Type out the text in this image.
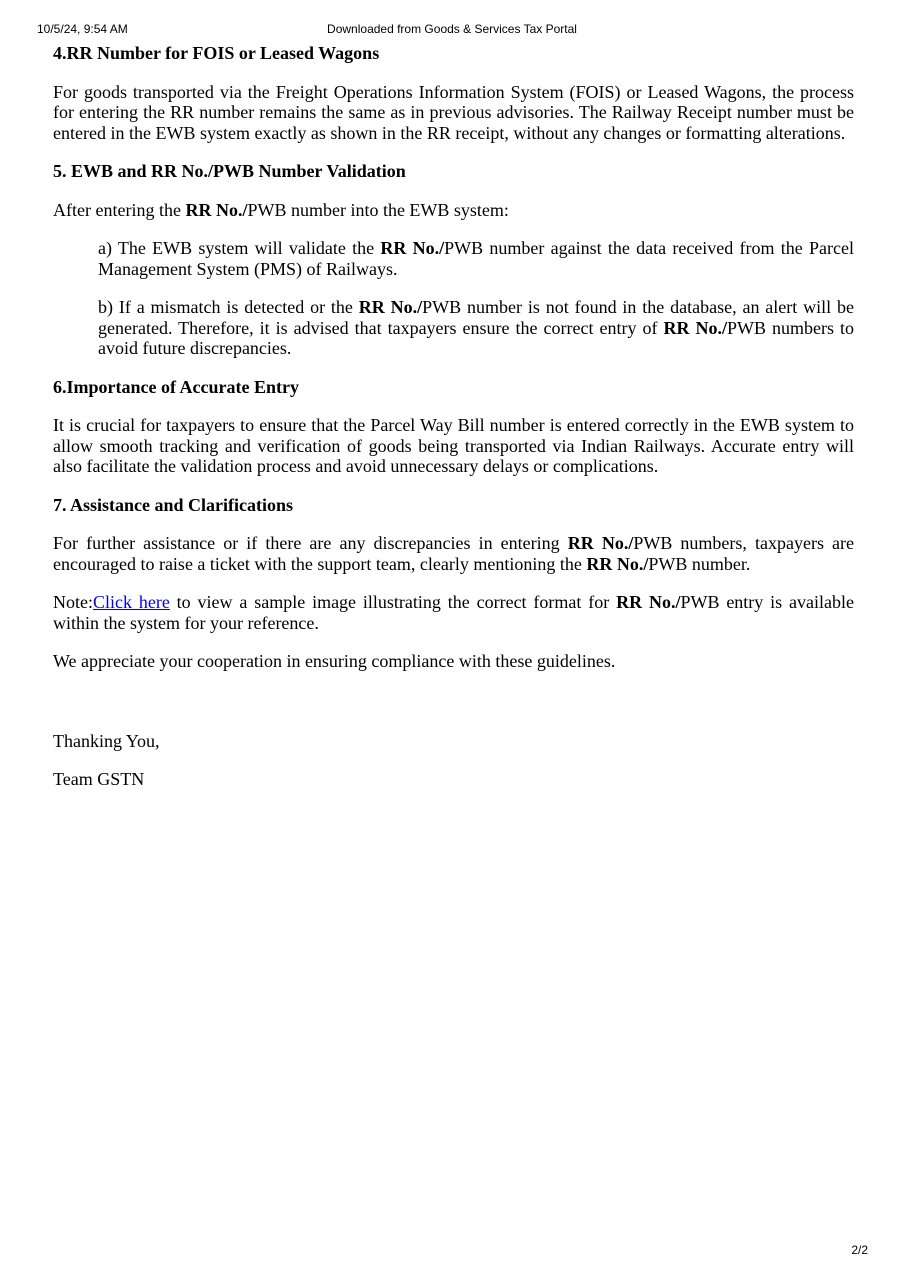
10/5/24, 9:54 AM	Downloaded from Goods & Services Tax Portal
4.RR Number for FOIS or Leased Wagons

For goods transported via the Freight Operations Information System (FOIS) or Leased Wagons, the process for entering the RR number remains the same as in previous advisories. The Railway Receipt number must be entered in the EWB system exactly as shown in the RR receipt, without any changes or formatting alterations.

5. EWB and RR No./PWB Number Validation

After entering the RR No./PWB number into the EWB system:

a) The EWB system will validate the RR No./PWB number against the data received from the Parcel Management System (PMS) of Railways.

b) If a mismatch is detected or the RR No./PWB number is not found in the database, an alert will be generated. Therefore, it is advised that taxpayers ensure the correct entry of RR No./PWB numbers to avoid future discrepancies.

6.Importance of Accurate Entry

It is crucial for taxpayers to ensure that the Parcel Way Bill number is entered correctly in the EWB system to allow smooth tracking and verification of goods being transported via Indian Railways. Accurate entry will also facilitate the validation process and avoid unnecessary delays or complications.

7. Assistance and Clarifications

For further assistance or if there are any discrepancies in entering RR No./PWB numbers, taxpayers are encouraged to raise a ticket with the support team, clearly mentioning the RR No./PWB number.

Note:Click here to view a sample image illustrating the correct format for RR No./PWB entry is available within the system for your reference.

We appreciate your cooperation in ensuring compliance with these guidelines.

Thanking You,

Team GSTN

2/2
